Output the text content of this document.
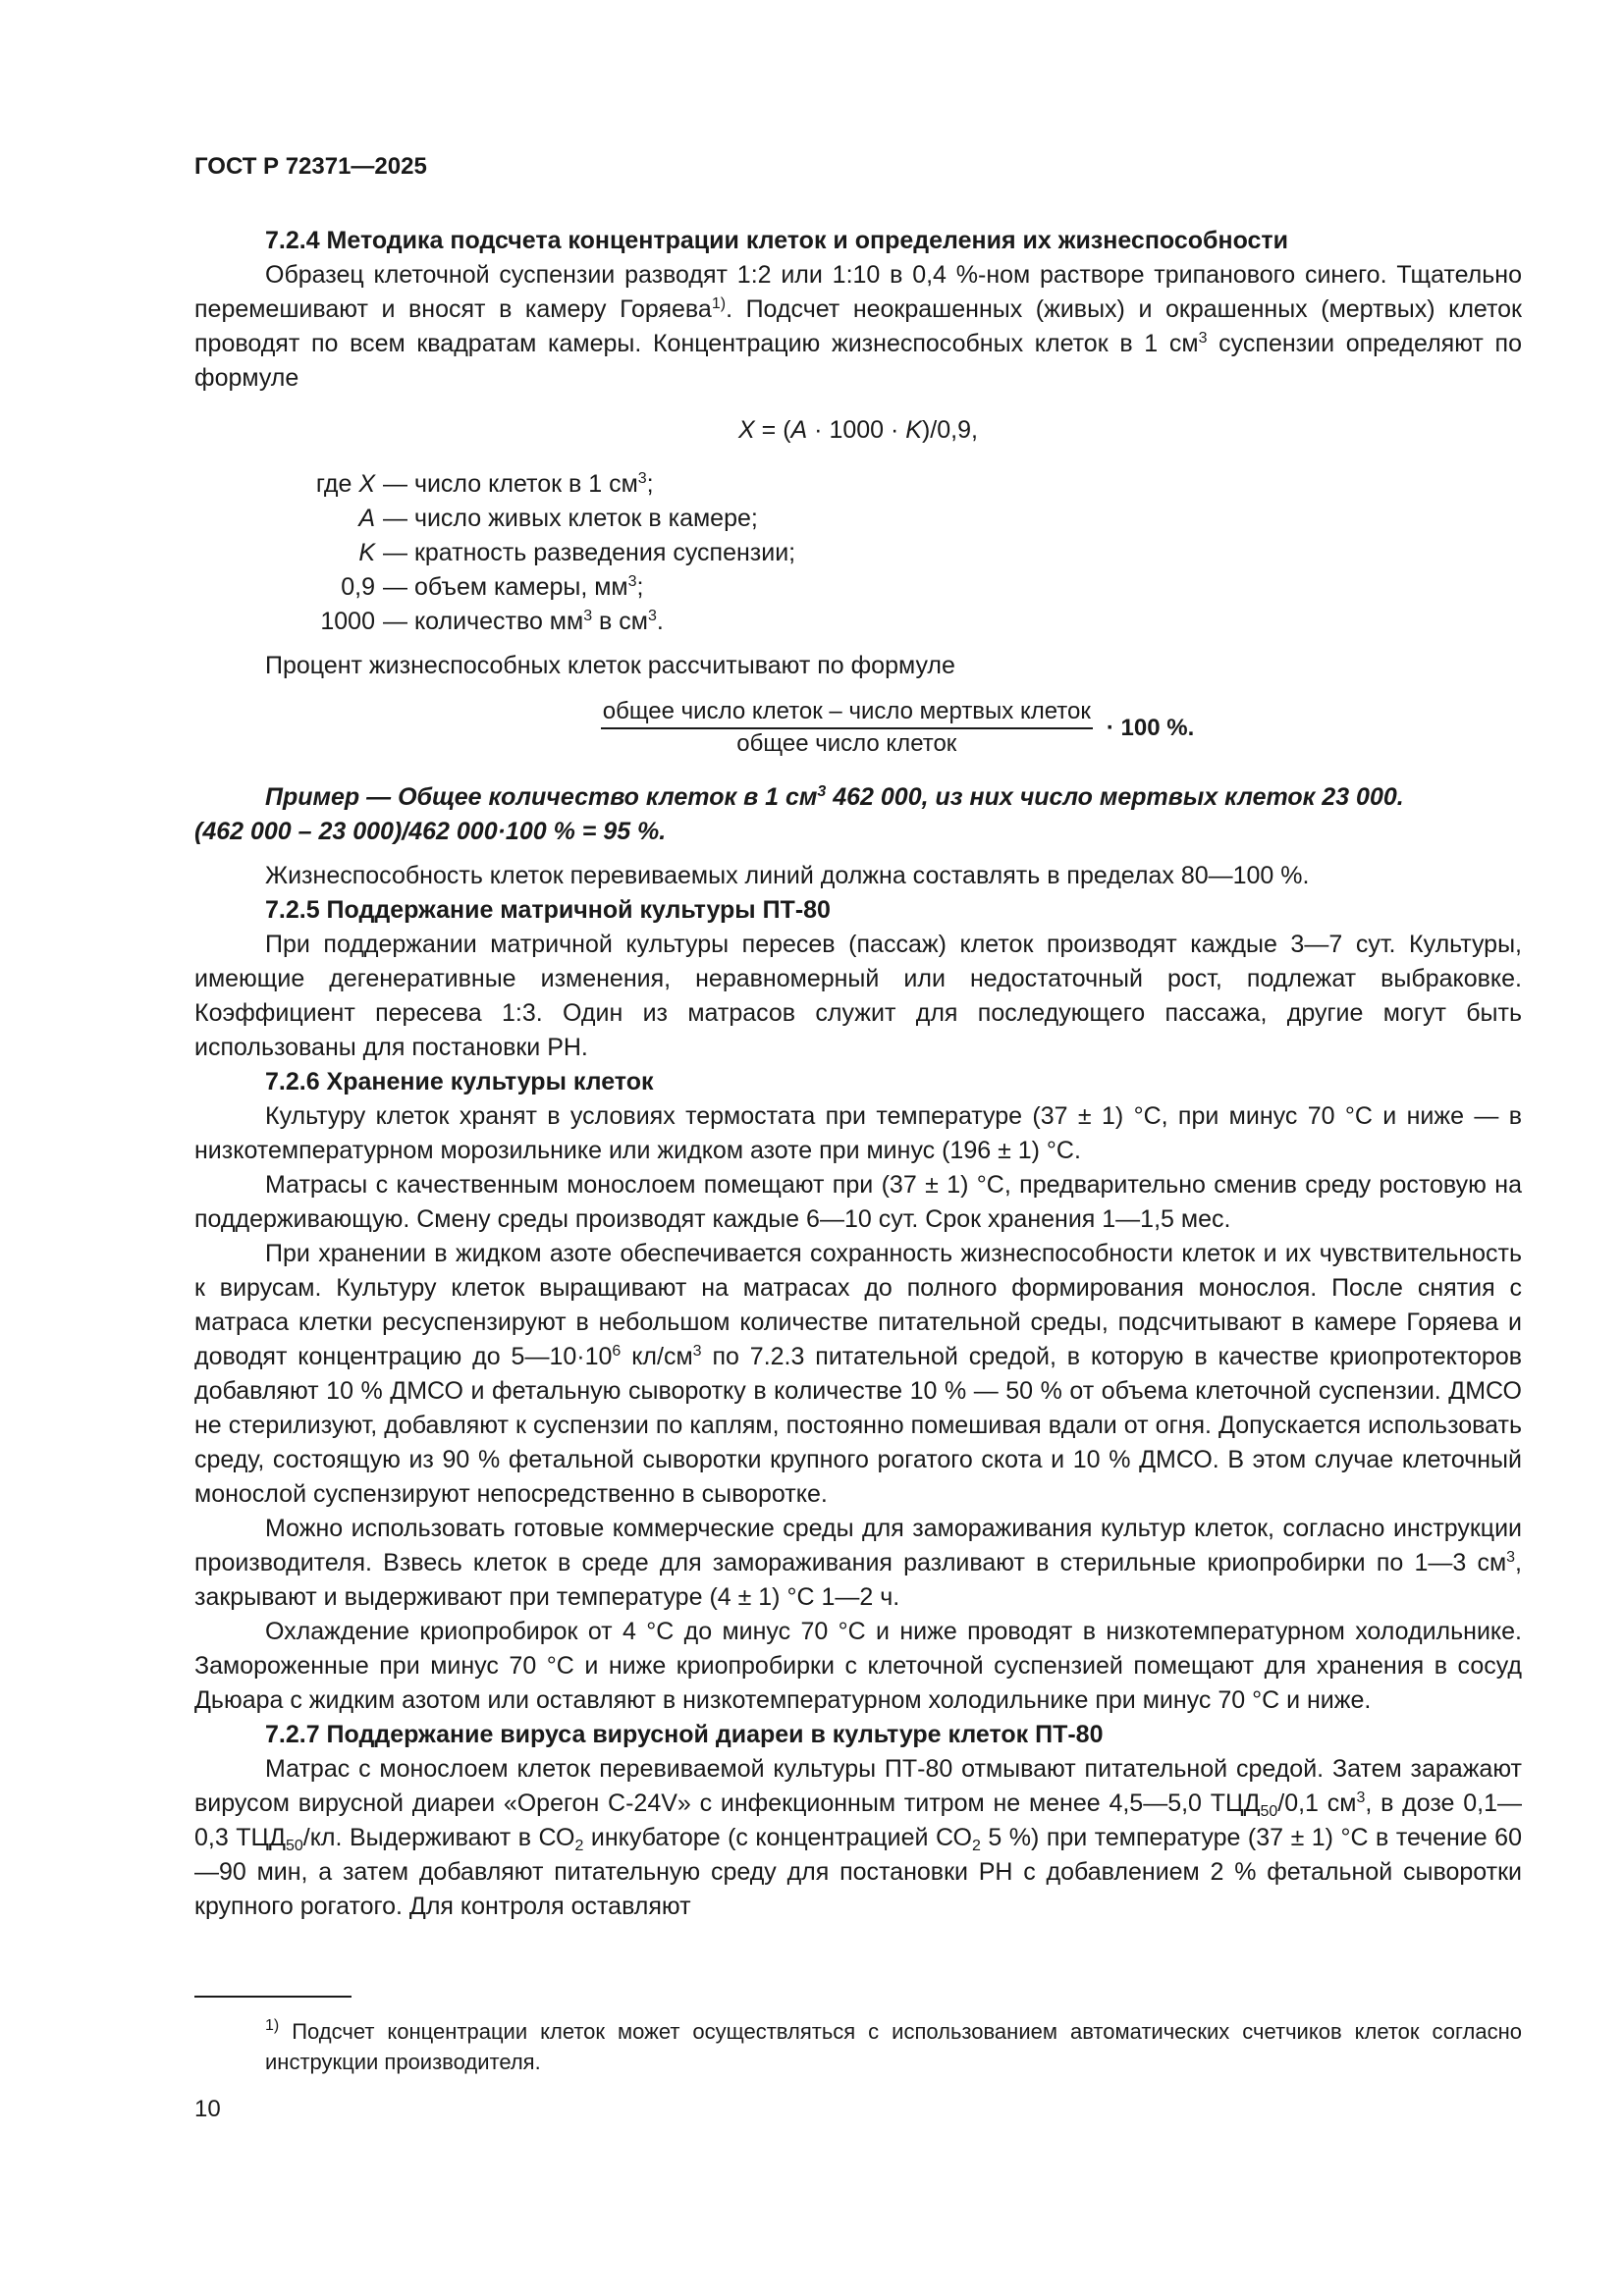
ГОСТ Р 72371—2025

7.2.4 Методика подсчета концентрации клеток и определения их жизнеспособности

Образец клеточной суспензии разводят 1:2 или 1:10 в 0,4 %-ном растворе трипанового синего. Тщательно перемешивают и вносят в камеру Горяева$^{1)}$. Подсчет неокрашенных (живых) и окрашенных (мертвых) клеток проводят по всем квадратам камеры. Концентрацию жизнеспособных клеток в 1 $см^3$ суспензии определяют по формуле

X = (A · 1000 · K)/0,9,
где X — число клеток в 1 $см^3$;
A — число живых клеток в камере;
K — кратность разведения суспензии;
0,9 — объем камеры, $мм^3$;
1000 — количество $мм^3$ в $см^3$.

Процент жизнеспособных клеток рассчитывают по формуле

$\frac{\text{общее число клеток – число мертвых клеток}}{\text{общее число клеток}} \cdot 100$ %.

Пример — Общее количество клеток в 1 $см^3$ 462 000, из них число мертвых клеток 23 000.

(462 000 – 23 000)/462 000·100 % = 95 %.

Жизнеспособность клеток перевиваемых линий должна составлять в пределах 80—100 %.

7.2.5 Поддержание матричной культуры ПТ-80

При поддержании матричной культуры пересев (пассаж) клеток производят каждые 3—7 сут. Культуры, имеющие дегенеративные изменения, неравномерный или недостаточный рост, подлежат выбраковке. Коэффициент пересева 1:3. Один из матрасов служит для последующего пассажа, другие могут быть использованы для постановки РН.

7.2.6 Хранение культуры клеток

Культуру клеток хранят в условиях термостата при температуре (37 ± 1) °С, при минус 70 °С и ниже — в низкотемпературном морозильнике или жидком азоте при минус (196 ± 1) °С.

Матрасы с качественным монослоем помещают при (37 ± 1) °С, предварительно сменив среду ростовую на поддерживающую. Смену среды производят каждые 6—10 сут. Срок хранения 1—1,5 мес.

При хранении в жидком азоте обеспечивается сохранность жизнеспособности клеток и их чувствительность к вирусам. Культуру клеток выращивают на матрасах до полного формирования монослоя. После снятия с матраса клетки ресуспензируют в небольшом количестве питательной среды, подсчитывают в камере Горяева и доводят концентрацию до $5—10\cdot 10^6$ $кл/см^3$ по 7.2.3 питательной средой, в которую в качестве криопротекторов добавляют 10 % ДМСО и фетальную сыворотку в количестве 10 % — 50 % от объема клеточной суспензии. ДМСО не стерилизуют, добавляют к суспензии по каплям, постоянно помешивая вдали от огня. Допускается использовать среду, состоящую из 90 % фетальной сыворотки крупного рогатого скота и 10 % ДМСО. В этом случае клеточный монослой суспензируют непосредственно в сыворотке.

Можно использовать готовые коммерческие среды для замораживания культур клеток, согласно инструкции производителя. Взвесь клеток в среде для замораживания разливают в стерильные криопробирки по 1—3 $см^3$, закрывают и выдерживают при температуре (4 ± 1) °С 1—2 ч.

Охлаждение криопробирок от 4 °С до минус 70 °С и ниже проводят в низкотемпературном холодильнике. Замороженные при минус 70 °С и ниже криопробирки с клеточной суспензией помещают для хранения в сосуд Дьюара с жидким азотом или оставляют в низкотемпературном холодильнике при минус 70 °С и ниже.

7.2.7 Поддержание вируса вирусной диареи в культуре клеток ПТ-80

Матрас с монослоем клеток перевиваемой культуры ПТ-80 отмывают питательной средой. Затем заражают вирусом вирусной диареи «Орегон С-24V» с инфекционным титром не менее 4,5—5,0 $ТЦД_{50}/0,1$ $см^3$, в дозе 0,1—0,3 $ТЦД_{50}/кл$. Выдерживают в $СО_2$ инкубаторе (с концентрацией $СО_2$ 5 %) при температуре (37 ± 1) °С в течение 60—90 мин, а затем добавляют питательную среду для постановки РН с добавлением 2 % фетальной сыворотки крупного рогатого. Для контроля оставляют

$^{1)}$ Подсчет концентрации клеток может осуществляться с использованием автоматических счетчиков клеток согласно инструкции производителя.
10
